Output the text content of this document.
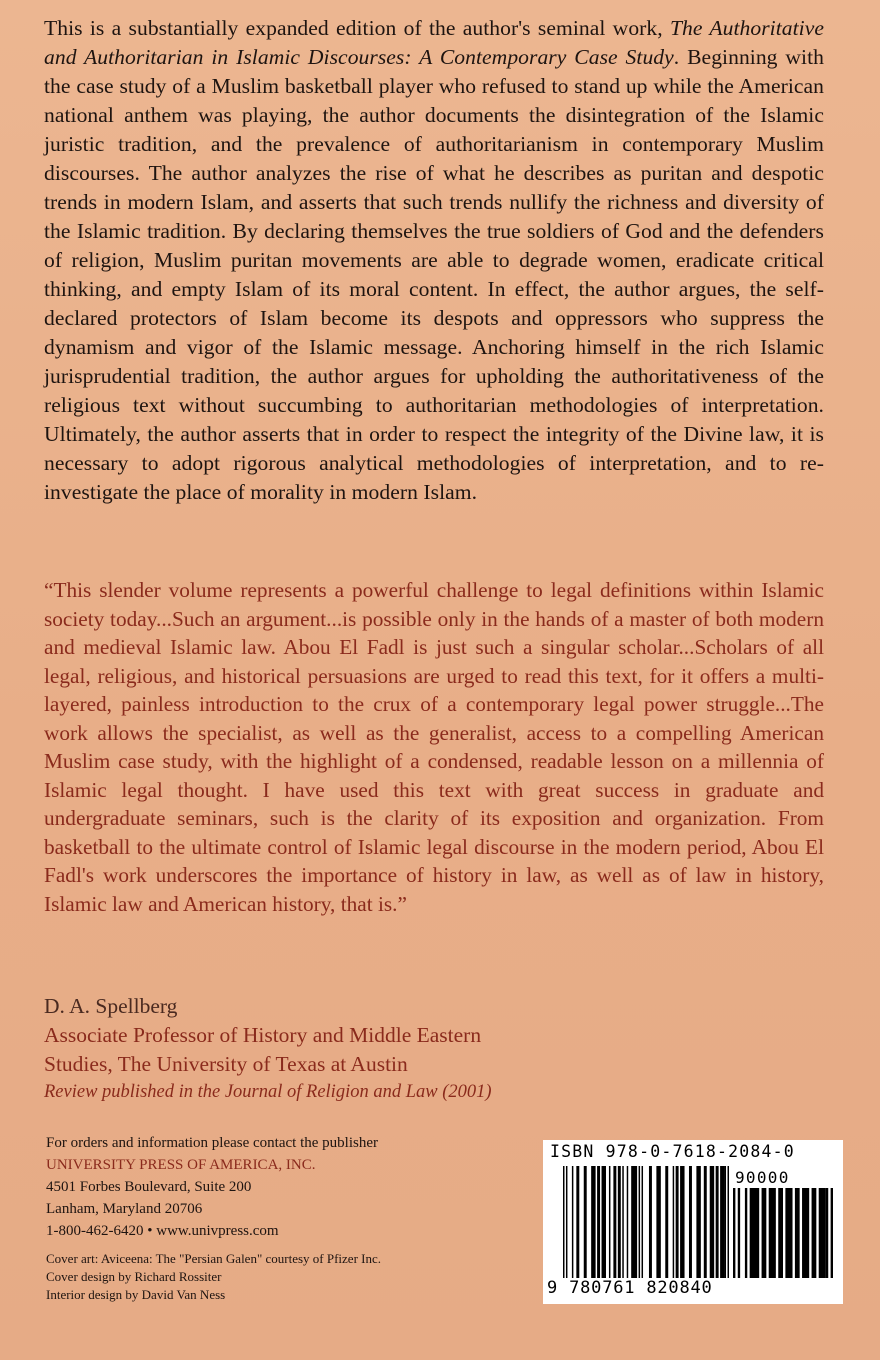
This is a substantially expanded edition of the author's seminal work, The Authoritative and Authoritarian in Islamic Discourses: A Contemporary Case Study. Beginning with the case study of a Muslim basketball player who refused to stand up while the American national anthem was playing, the author documents the disintegration of the Islamic juristic tradition, and the prevalence of authoritarianism in contemporary Muslim discourses. The author analyzes the rise of what he describes as puritan and despotic trends in modern Islam, and asserts that such trends nullify the richness and diversity of the Islamic tradition. By declaring themselves the true soldiers of God and the defenders of religion, Muslim puritan movements are able to degrade women, eradicate critical thinking, and empty Islam of its moral content. In effect, the author argues, the self-declared protectors of Islam become its despots and oppressors who suppress the dynamism and vigor of the Islamic message. Anchoring himself in the rich Islamic jurisprudential tradition, the author argues for upholding the authoritativeness of the religious text without succumbing to authoritarian methodologies of interpretation. Ultimately, the author asserts that in order to respect the integrity of the Divine law, it is necessary to adopt rigorous analytical methodologies of interpretation, and to re-investigate the place of morality in modern Islam.

“This slender volume represents a powerful challenge to legal definitions within Islamic society today...Such an argument...is possible only in the hands of a master of both modern and medieval Islamic law. Abou El Fadl is just such a singular scholar...Scholars of all legal, religious, and historical persuasions are urged to read this text, for it offers a multi-layered, painless introduction to the crux of a contemporary legal power struggle...The work allows the specialist, as well as the generalist, access to a compelling American Muslim case study, with the highlight of a condensed, readable lesson on a millennia of Islamic legal thought. I have used this text with great success in graduate and undergraduate seminars, such is the clarity of its exposition and organization. From basketball to the ultimate control of Islamic legal discourse in the modern period, Abou El Fadl's work underscores the importance of history in law, as well as of law in history, Islamic law and American history, that is.”

D. A. Spellberg
Associate Professor of History and Middle Eastern
Studies, The University of Texas at Austin
Review published in the Journal of Religion and Law (2001)
For orders and information please contact the publisher
UNIVERSITY PRESS OF AMERICA, INC.
4501 Forbes Boulevard, Suite 200
Lanham, Maryland 20706
1-800-462-6420 • www.univpress.com
Cover art: Aviceena: The "Persian Galen" courtesy of Pfizer Inc.
Cover design by Richard Rossiter
Interior design by David Van Ness
ISBN 978-0-7618-2084-0
90000
9 780761 820840
